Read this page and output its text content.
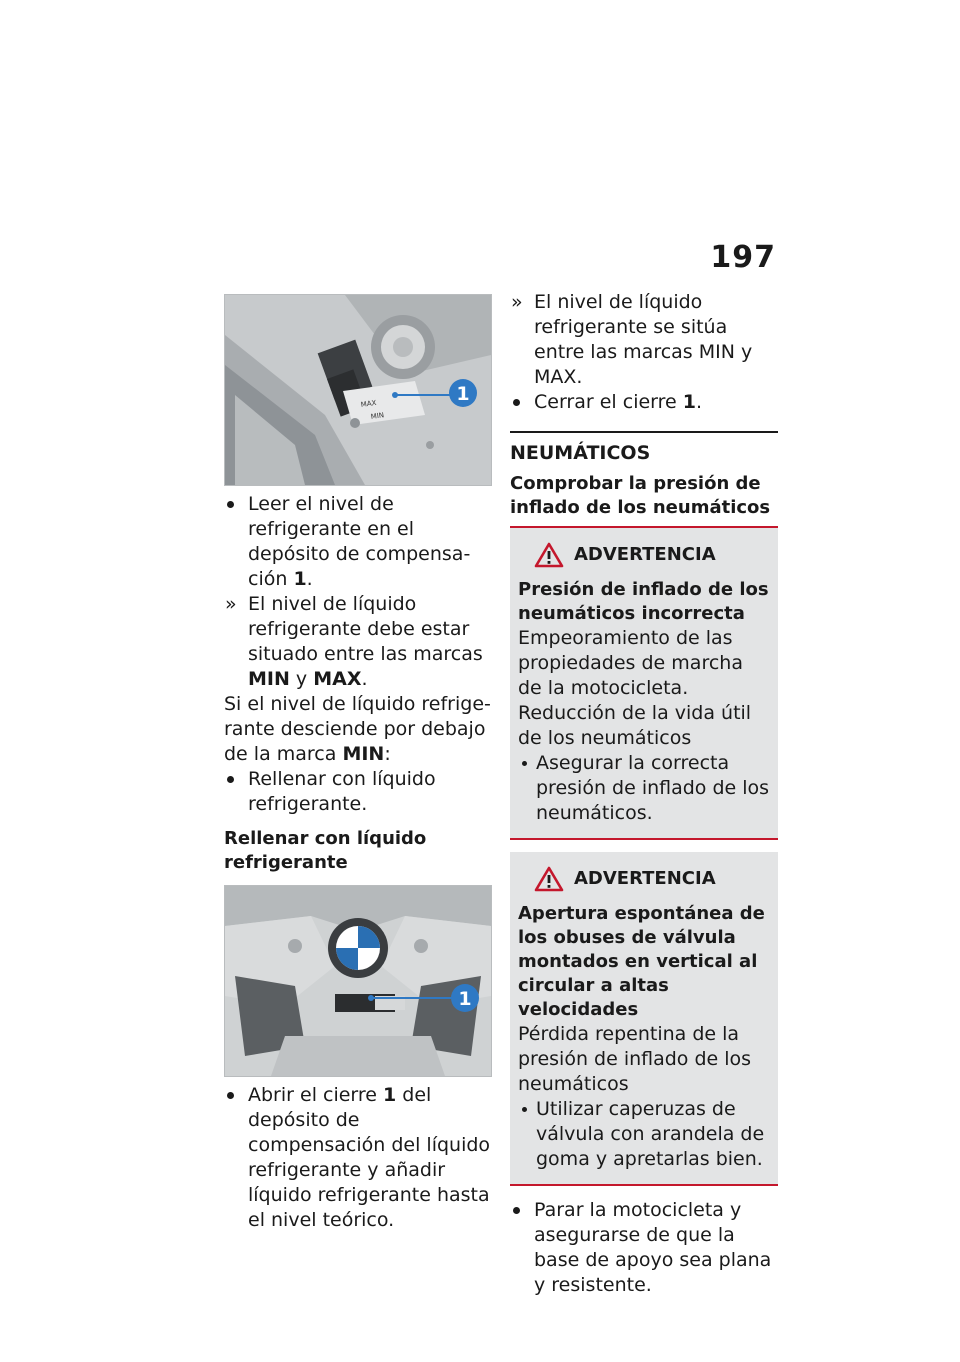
197
MAX
MIN
1

Leer el nivel de refrigerante en el depósito de compensación 1.

» El nivel de líquido refrigerante debe estar situado entre las marcas MIN y MAX.

Si el nivel de líquido refrigerante desciende por debajo de la marca MIN:

Rellenar con líquido refrigerante.

Rellenar con líquido refrigerante
1

Abrir el cierre 1 del depósito de compensación del líquido refrigerante y añadir líquido refrigerante hasta el nivel teórico.

» El nivel de líquido refrigerante se sitúa entre las marcas MIN y MAX.

Cerrar el cierre 1.

NEUMÁTICOS
Comprobar la presión de inflado de los neumáticos
ADVERTENCIA
Presión de inflado de los neumáticos incorrecta

Empeoramiento de las propiedades de marcha de la motocicleta. Reducción de la vida útil de los neumáticos

Asegurar la correcta presión de inflado de los neumáticos.

ADVERTENCIA
Apertura espontánea de los obuses de válvula montados en vertical al circular a altas velocidades

Pérdida repentina de la presión de inflado de los neumáticos

Utilizar caperuzas de válvula con arandela de goma y apretarlas bien.

Parar la motocicleta y asegurarse de que la base de apoyo sea plana y resistente.
